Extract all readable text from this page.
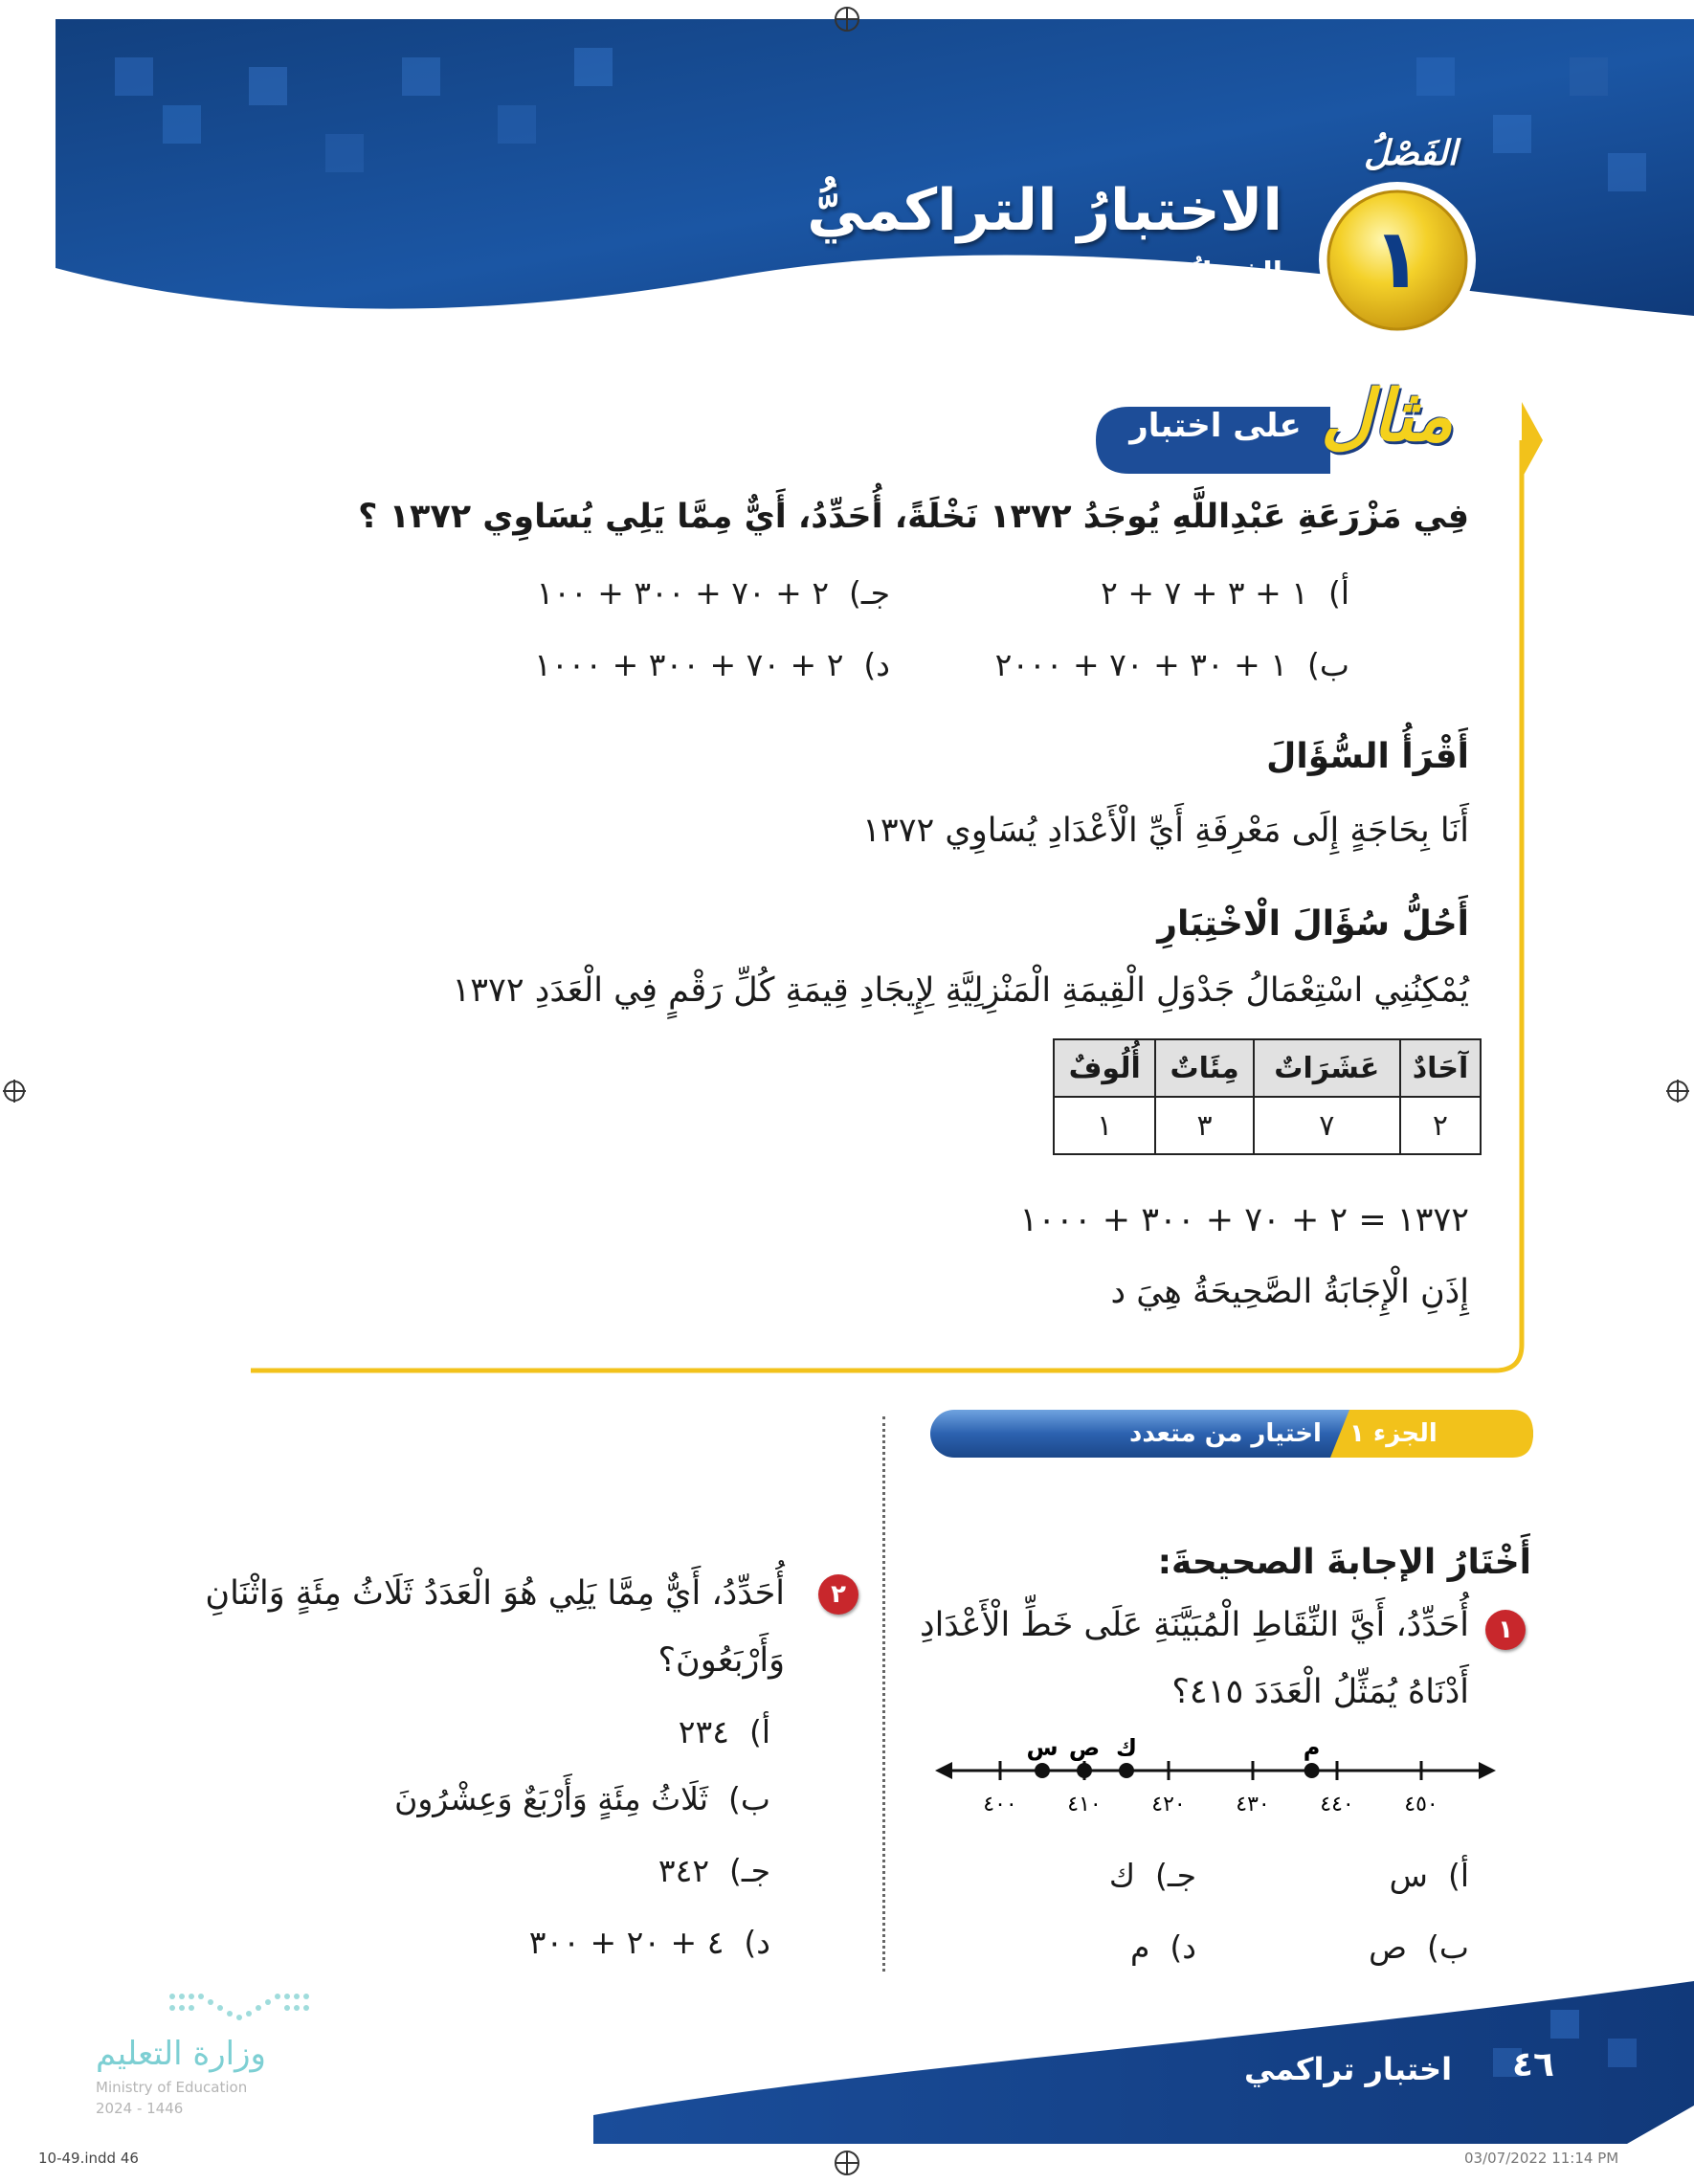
الفَصْلُ
١
الاختبارُ التراكميُّ
الفصلُ ١
مثال
على اختبار
فِي مَزْرَعَةِ عَبْدِاللَّهِ يُوجَدُ ١٣٧٢ نَخْلَةً، أُحَدِّدُ، أَيٌّ مِمَّا يَلِي يُسَاوِي ١٣٧٢ ؟
أ)  ١ + ٣ + ٧ + ٢
ب)  ١ + ٣٠ + ٧٠ + ٢٠٠٠
جـ)  ٢ + ٧٠ + ٣٠٠ + ١٠٠
د)  ٢ + ٧٠ + ٣٠٠ + ١٠٠٠
أَقْرَأُ السُّؤَالَ
أَنَا بِحَاجَةٍ إِلَى مَعْرِفَةِ أَيِّ الْأَعْدَادِ يُسَاوِي ١٣٧٢
أَحُلُّ سُؤَالَ الْاخْتِبَارِ
يُمْكِنُنِي اسْتِعْمَالُ جَدْوَلِ الْقِيمَةِ الْمَنْزِلِيَّةِ لِإِيجَادِ قِيمَةِ كُلِّ رَقْمٍ فِي الْعَدَدِ ١٣٧٢
آحَادٌ	عَشَرَاتٌ	مِئَاتٌ	أُلُوفٌ
٢	٧	٣	١
١٣٧٢ = ٢ + ٧٠ + ٣٠٠ + ١٠٠٠
إِذَنِ الْإِجَابَةُ الصَّحِيحَةُ هِيَ د
الجزء ١
اختيار من متعدد
أَخْتَارُ الإجابةَ الصحيحةَ:
١
أُحَدِّدُ، أَيَّ النِّقَاطِ الْمُبَيَّنَةِ عَلَى خَطِّ الْأَعْدَادِ
أَدْنَاهُ يُمَثِّلُ الْعَدَدَ ٤١٥؟
٤٠٠ ٤١٠ ٤٢٠ ٤٣٠ ٤٤٠ ٤٥٠
س ص ك	م
أ)  س
ب)  ص
جـ)  ك
د)  م
٢
أُحَدِّدُ، أَيٌّ مِمَّا يَلِي هُوَ الْعَدَدُ ثَلَاثُ مِئَةٍ وَاثْنَانِ
وَأَرْبَعُونَ؟
أ)  ٢٣٤
ب)  ثَلَاثُ مِئَةٍ وَأَرْبَعٌ وَعِشْرُونَ
جـ)  ٣٤٢
د)  ٤ + ٢٠ + ٣٠٠
٤٦
اختبار تراكمي
وزارة التعليم
Ministry of Education
2024 - 1446
10-49.indd 46	03/07/2022 11:14 PM
